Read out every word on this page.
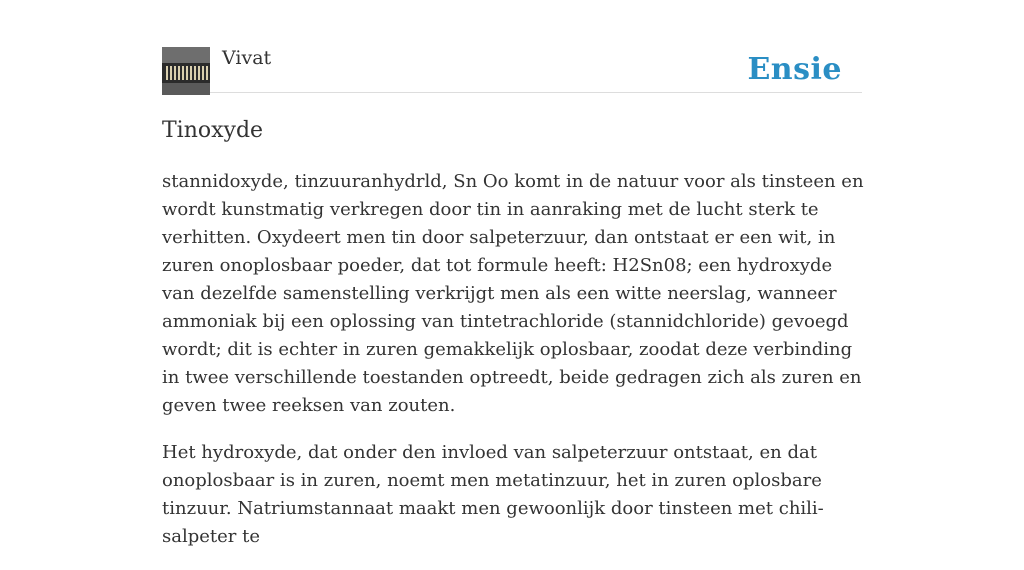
Vivat	Ensie
Tinoxyde

stannidoxyde, tinzuuranhydrld, Sn Oo komt in de natuur voor als tinsteen en wordt kunstmatig verkregen door tin in aanraking met de lucht sterk te verhitten. Oxydeert men tin door salpeterzuur, dan ontstaat er een wit, in zuren onoplosbaar poeder, dat tot formule heeft: H2Sn08; een hydroxyde van dezelfde samenstelling verkrijgt men als een witte neerslag, wanneer ammoniak bij een oplossing van tintetrachloride (stannidchloride) gevoegd wordt; dit is echter in zuren gemakkelijk oplosbaar, zoodat deze verbinding in twee verschillende toestanden optreedt, beide gedragen zich als zuren en geven twee reeksen van zouten.

Het hydroxyde, dat onder den invloed van salpeterzuur ontstaat, en dat onoplosbaar is in zuren, noemt men metatinzuur, het in zuren oplosbare tinzuur. Natriumstannaat maakt men gewoonlijk door tinsteen met chili-salpeter te
